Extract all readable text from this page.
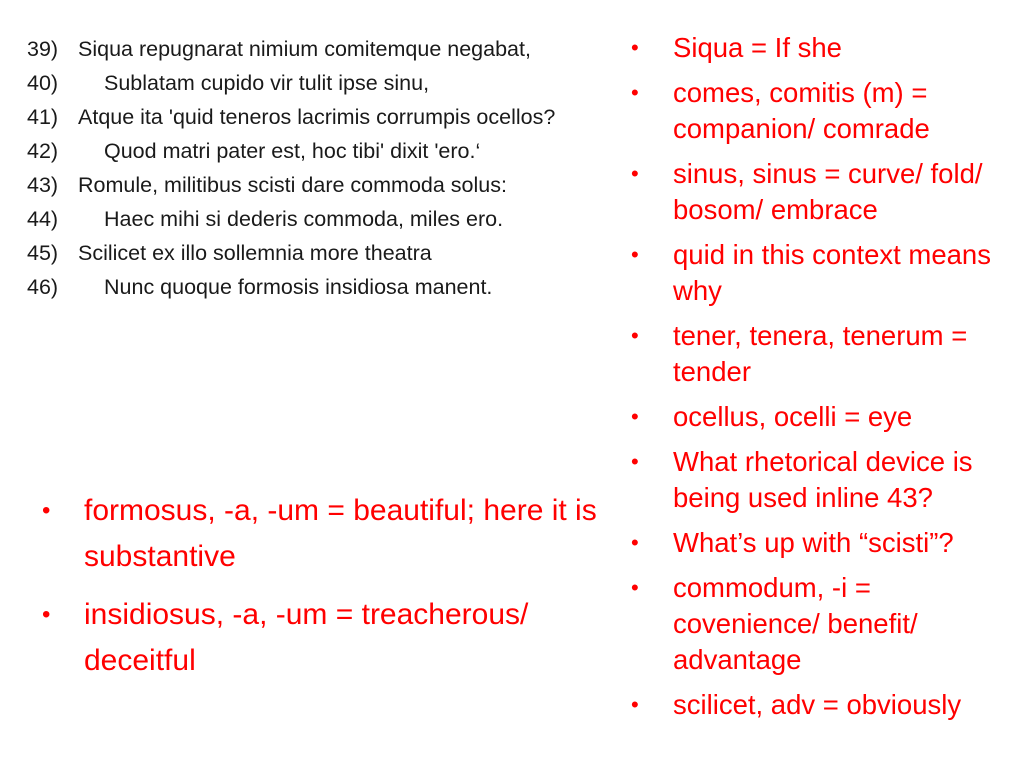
39) Siqua repugnarat nimium comitemque negabat,
40) Sublatam cupido vir tulit ipse sinu,
41) Atque ita 'quid teneros lacrimis corrumpis ocellos?
42) Quod matri pater est, hoc tibi' dixit 'ero.‘
43) Romule, militibus scisti dare commoda solus:
44) Haec mihi si dederis commoda, miles ero.
45) Scilicet ex illo sollemnia more theatra
46) Nunc quoque formosis insidiosa manent.
• Siqua = If she
• comes, comitis (m) = companion/ comrade
• sinus, sinus = curve/ fold/ bosom/ embrace
• quid in this context means why
• tener, tenera, tenerum = tender
• ocellus, ocelli = eye
• What rhetorical device is being used inline 43?
• What’s up with “scisti”?
• commodum, -i = covenience/ benefit/ advantage
• scilicet, adv = obviously
• formosus, -a, -um = beautiful; here it is substantive
• insidiosus, -a, -um = treacherous/ deceitful
